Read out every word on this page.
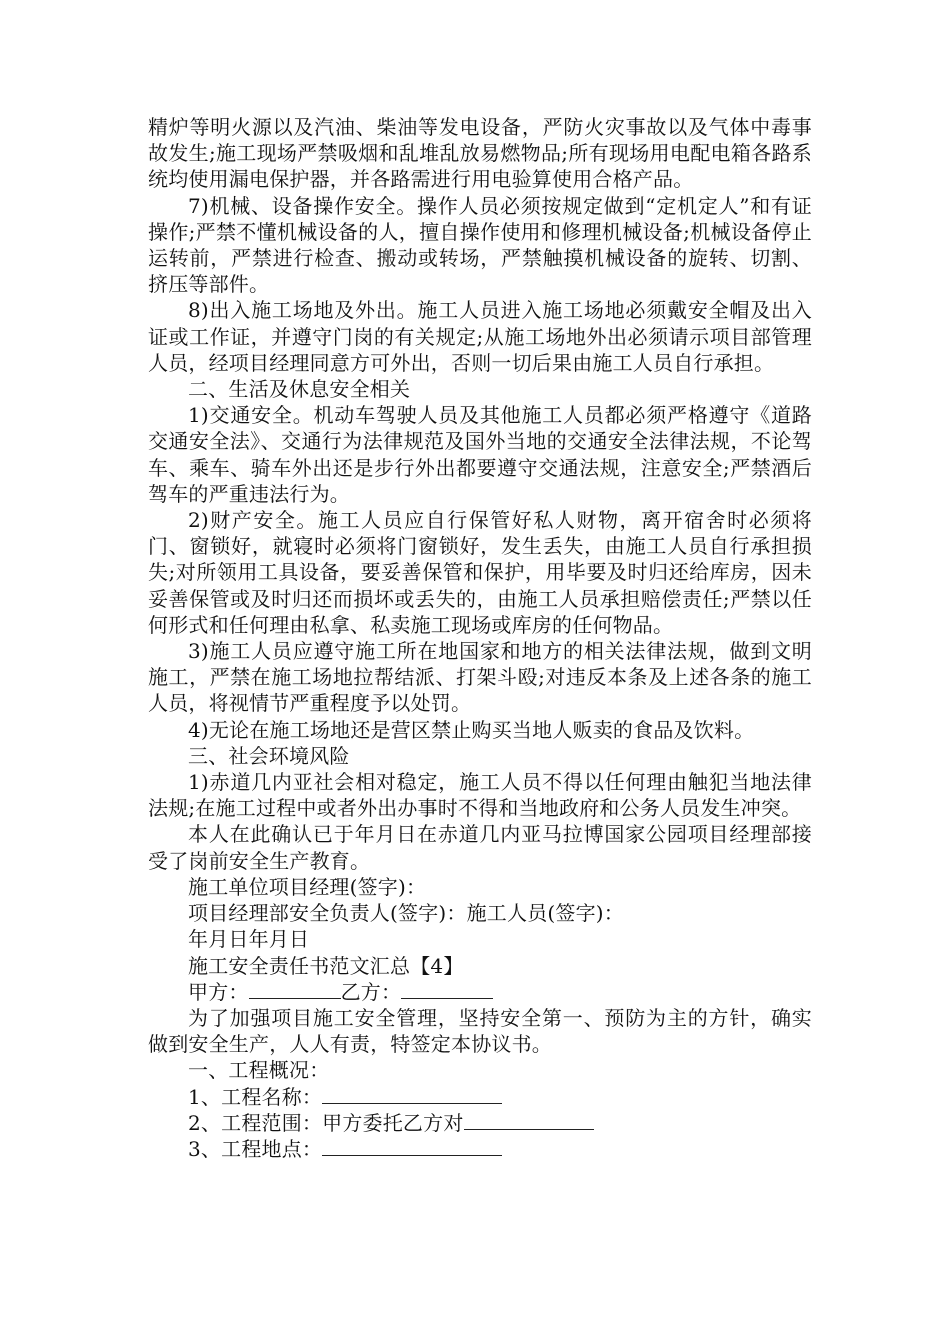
精炉等明火源以及汽油、柴油等发电设备，严防火灾事故以及气体中毒事故发生;施工现场严禁吸烟和乱堆乱放易燃物品;所有现场用电配电箱各路系统均使用漏电保护器，并各路需进行用电验算使用合格产品。

7)机械、设备操作安全。操作人员必须按规定做到“定机定人”和有证操作;严禁不懂机械设备的人，擅自操作使用和修理机械设备;机械设备停止运转前，严禁进行检查、搬动或转场，严禁触摸机械设备的旋转、切割、挤压等部件。

8)出入施工场地及外出。施工人员进入施工场地必须戴安全帽及出入证或工作证，并遵守门岗的有关规定;从施工场地外出必须请示项目部管理人员，经项目经理同意方可外出，否则一切后果由施工人员自行承担。

二、生活及休息安全相关

1)交通安全。机动车驾驶人员及其他施工人员都必须严格遵守《道路交通安全法》、交通行为法律规范及国外当地的交通安全法律法规，不论驾车、乘车、骑车外出还是步行外出都要遵守交通法规，注意安全;严禁酒后驾车的严重违法行为。

2)财产安全。施工人员应自行保管好私人财物，离开宿舍时必须将门、窗锁好，就寝时必须将门窗锁好，发生丢失，由施工人员自行承担损失;对所领用工具设备，要妥善保管和保护，用毕要及时归还给库房，因未妥善保管或及时归还而损坏或丢失的，由施工人员承担赔偿责任;严禁以任何形式和任何理由私拿、私卖施工现场或库房的任何物品。

3)施工人员应遵守施工所在地国家和地方的相关法律法规，做到文明施工，严禁在施工场地拉帮结派、打架斗殴;对违反本条及上述各条的施工人员，将视情节严重程度予以处罚。

4)无论在施工场地还是营区禁止购买当地人贩卖的食品及饮料。

三、社会环境风险

1)赤道几内亚社会相对稳定，施工人员不得以任何理由触犯当地法律法规;在施工过程中或者外出办事时不得和当地政府和公务人员发生冲突。

本人在此确认已于年月日在赤道几内亚马拉博国家公园项目经理部接受了岗前安全生产教育。

施工单位项目经理(签字)：

项目经理部安全负责人(签字)：施工人员(签字)：

年月日年月日

施工安全责任书范文汇总【4】

甲方：	乙方：

为了加强项目施工安全管理，坚持安全第一、预防为主的方针，确实做到安全生产，人人有责，特签定本协议书。

一、工程概况：

1、工程名称：

2、工程范围：甲方委托乙方对

3、工程地点：
